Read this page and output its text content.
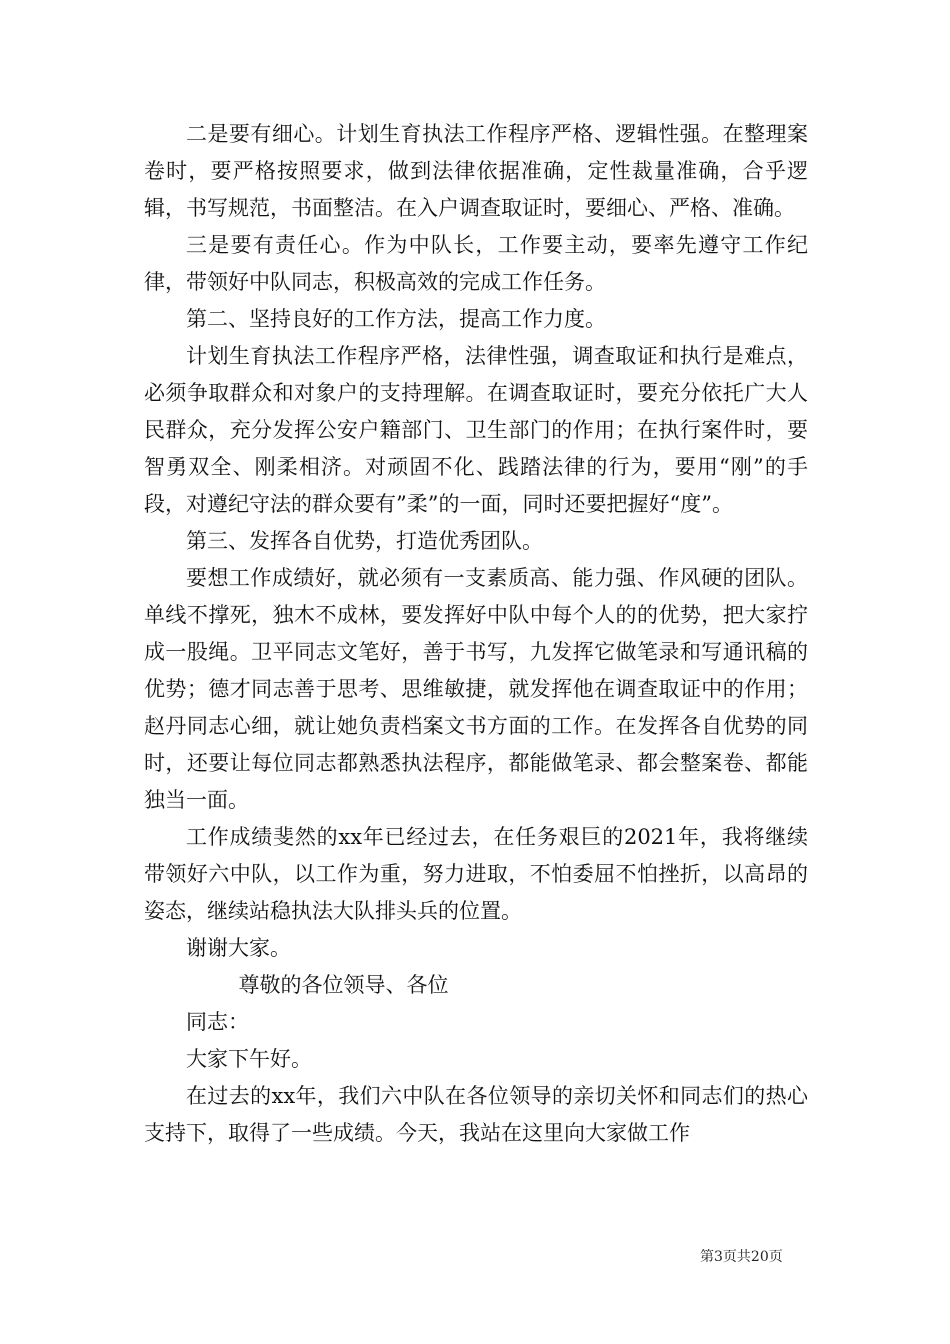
二是要有细心。计划生育执法工作程序严格、逻辑性强。在整理案卷时，要严格按照要求，做到法律依据准确，定性裁量准确，合乎逻辑，书写规范，书面整洁。在入户调查取证时，要细心、严格、准确。

三是要有责任心。作为中队长，工作要主动，要率先遵守工作纪律，带领好中队同志，积极高效的完成工作任务。

第二、坚持良好的工作方法，提高工作力度。

计划生育执法工作程序严格，法律性强，调查取证和执行是难点，必须争取群众和对象户的支持理解。在调查取证时，要充分依托广大人民群众，充分发挥公安户籍部门、卫生部门的作用；在执行案件时，要智勇双全、刚柔相济。对顽固不化、践踏法律的行为，要用“刚”的手段，对遵纪守法的群众要有”柔”的一面，同时还要把握好“度”。

第三、发挥各自优势，打造优秀团队。

要想工作成绩好，就必须有一支素质高、能力强、作风硬的团队。单线不撑死，独木不成林，要发挥好中队中每个人的的优势，把大家拧成一股绳。卫平同志文笔好，善于书写，九发挥它做笔录和写通讯稿的优势；德才同志善于思考、思维敏捷，就发挥他在调查取证中的作用；赵丹同志心细，就让她负责档案文书方面的工作。在发挥各自优势的同时，还要让每位同志都熟悉执法程序，都能做笔录、都会整案卷、都能独当一面。

工作成绩斐然的xx年已经过去，在任务艰巨的2021年，我将继续带领好六中队，以工作为重，努力进取，不怕委屈不怕挫折，以高昂的姿态，继续站稳执法大队排头兵的位置。

谢谢大家。

尊敬的各位领导、各位

同志：

大家下午好。

在过去的xx年，我们六中队在各位领导的亲切关怀和同志们的热心支持下，取得了一些成绩。今天，我站在这里向大家做工作

第3页共20页
